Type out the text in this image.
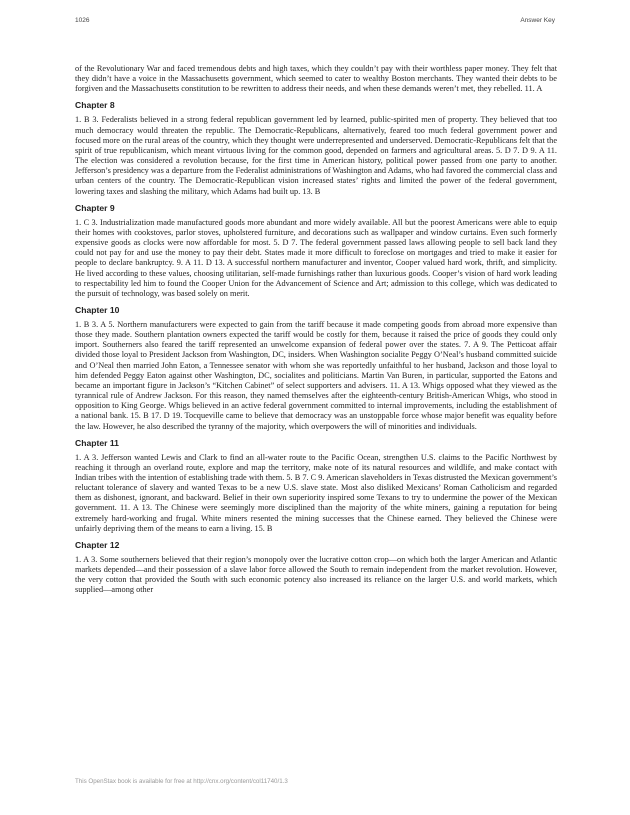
1026	Answer Key

of the Revolutionary War and faced tremendous debts and high taxes, which they couldn’t pay with their worthless paper money. They felt that they didn’t have a voice in the Massachusetts government, which seemed to cater to wealthy Boston merchants. They wanted their debts to be forgiven and the Massachusetts constitution to be rewritten to address their needs, and when these demands weren’t met, they rebelled. 11. A

Chapter 8

1. B 3. Federalists believed in a strong federal republican government led by learned, public-spirited men of property. They believed that too much democracy would threaten the republic. The Democratic-Republicans, alternatively, feared too much federal government power and focused more on the rural areas of the country, which they thought were underrepresented and underserved. Democratic-Republicans felt that the spirit of true republicanism, which meant virtuous living for the common good, depended on farmers and agricultural areas. 5. D 7. D 9. A 11. The election was considered a revolution because, for the first time in American history, political power passed from one party to another. Jefferson’s presidency was a departure from the Federalist administrations of Washington and Adams, who had favored the commercial class and urban centers of the country. The Democratic-Republican vision increased states’ rights and limited the power of the federal government, lowering taxes and slashing the military, which Adams had built up. 13. B

Chapter 9

1. C 3. Industrialization made manufactured goods more abundant and more widely available. All but the poorest Americans were able to equip their homes with cookstoves, parlor stoves, upholstered furniture, and decorations such as wallpaper and window curtains. Even such formerly expensive goods as clocks were now affordable for most. 5. D 7. The federal government passed laws allowing people to sell back land they could not pay for and use the money to pay their debt. States made it more difficult to foreclose on mortgages and tried to make it easier for people to declare bankruptcy. 9. A 11. D 13. A successful northern manufacturer and inventor, Cooper valued hard work, thrift, and simplicity. He lived according to these values, choosing utilitarian, self-made furnishings rather than luxurious goods. Cooper’s vision of hard work leading to respectability led him to found the Cooper Union for the Advancement of Science and Art; admission to this college, which was dedicated to the pursuit of technology, was based solely on merit.

Chapter 10

1. B 3. A 5. Northern manufacturers were expected to gain from the tariff because it made competing goods from abroad more expensive than those they made. Southern plantation owners expected the tariff would be costly for them, because it raised the price of goods they could only import. Southerners also feared the tariff represented an unwelcome expansion of federal power over the states. 7. A 9. The Petticoat affair divided those loyal to President Jackson from Washington, DC, insiders. When Washington socialite Peggy O’Neal’s husband committed suicide and O’Neal then married John Eaton, a Tennessee senator with whom she was reportedly unfaithful to her husband, Jackson and those loyal to him defended Peggy Eaton against other Washington, DC, socialites and politicians. Martin Van Buren, in particular, supported the Eatons and became an important figure in Jackson’s “Kitchen Cabinet” of select supporters and advisers. 11. A 13. Whigs opposed what they viewed as the tyrannical rule of Andrew Jackson. For this reason, they named themselves after the eighteenth-century British-American Whigs, who stood in opposition to King George. Whigs believed in an active federal government committed to internal improvements, including the establishment of a national bank. 15. B 17. D 19. Tocqueville came to believe that democracy was an unstoppable force whose major benefit was equality before the law. However, he also described the tyranny of the majority, which overpowers the will of minorities and individuals.

Chapter 11

1. A 3. Jefferson wanted Lewis and Clark to find an all-water route to the Pacific Ocean, strengthen U.S. claims to the Pacific Northwest by reaching it through an overland route, explore and map the territory, make note of its natural resources and wildlife, and make contact with Indian tribes with the intention of establishing trade with them. 5. B 7. C 9. American slaveholders in Texas distrusted the Mexican government’s reluctant tolerance of slavery and wanted Texas to be a new U.S. slave state. Most also disliked Mexicans’ Roman Catholicism and regarded them as dishonest, ignorant, and backward. Belief in their own superiority inspired some Texans to try to undermine the power of the Mexican government. 11. A 13. The Chinese were seemingly more disciplined than the majority of the white miners, gaining a reputation for being extremely hard-working and frugal. White miners resented the mining successes that the Chinese earned. They believed the Chinese were unfairly depriving them of the means to earn a living. 15. B

Chapter 12

1. A 3. Some southerners believed that their region’s monopoly over the lucrative cotton crop—on which both the larger American and Atlantic markets depended—and their possession of a slave labor force allowed the South to remain independent from the market revolution. However, the very cotton that provided the South with such economic potency also increased its reliance on the larger U.S. and world markets, which supplied—among other

This OpenStax book is available for free at http://cnx.org/content/col11740/1.3
